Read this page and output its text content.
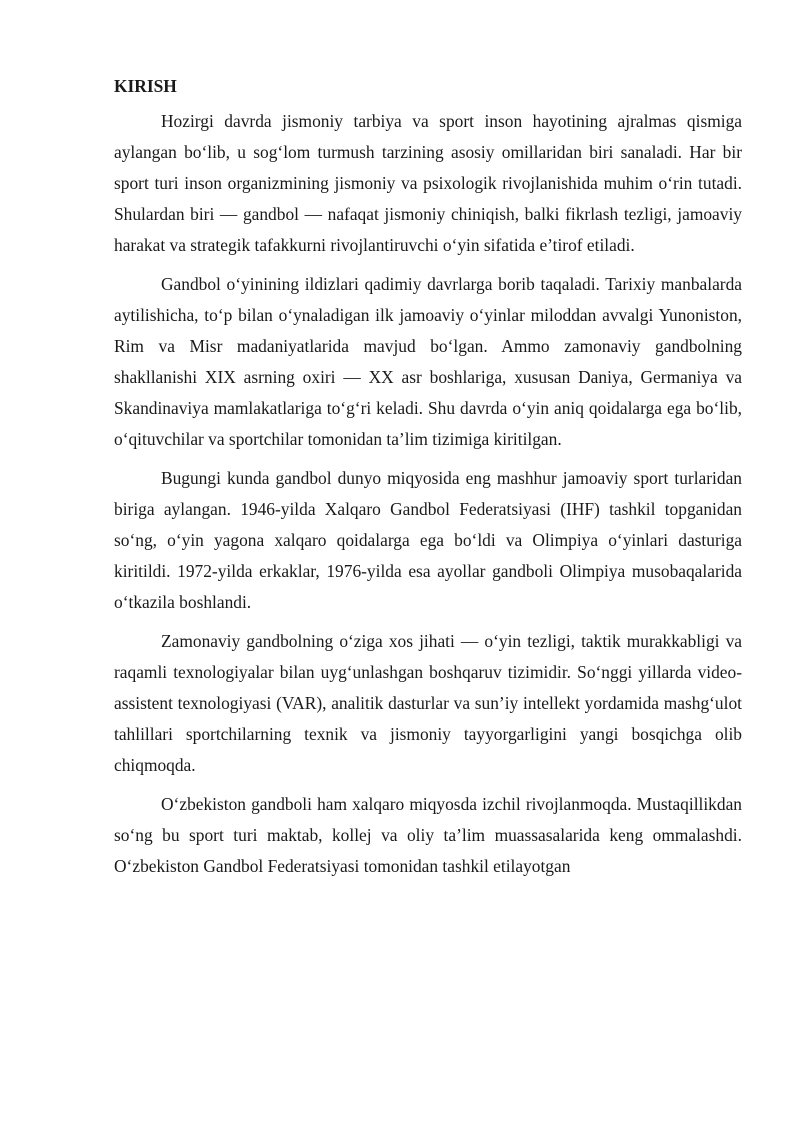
KIRISH

Hozirgi davrda jismoniy tarbiya va sport inson hayotining ajralmas qismiga aylangan bo‘lib, u sog‘lom turmush tarzining asosiy omillaridan biri sanaladi. Har bir sport turi inson organizmining jismoniy va psixologik rivojlanishida muhim o‘rin tutadi. Shulardan biri — gandbol — nafaqat jismoniy chiniqish, balki fikrlash tezligi, jamoaviy harakat va strategik tafakkurni rivojlantiruvchi o‘yin sifatida e’tirof etiladi.

Gandbol o‘yinining ildizlari qadimiy davrlarga borib taqaladi. Tarixiy manbalarda aytilishicha, to‘p bilan o‘ynaladigan ilk jamoaviy o‘yinlar miloddan avvalgi Yunoniston, Rim va Misr madaniyatlarida mavjud bo‘lgan. Ammo zamonaviy gandbolning shakllanishi XIX asrning oxiri — XX asr boshlariga, xususan Daniya, Germaniya va Skandinaviya mamlakatlariga to‘g‘ri keladi. Shu davrda o‘yin aniq qoidalarga ega bo‘lib, o‘qituvchilar va sportchilar tomonidan ta’lim tizimiga kiritilgan.

Bugungi kunda gandbol dunyo miqyosida eng mashhur jamoaviy sport turlaridan biriga aylangan. 1946-yilda Xalqaro Gandbol Federatsiyasi (IHF) tashkil topganidan so‘ng, o‘yin yagona xalqaro qoidalarga ega bo‘ldi va Olimpiya o‘yinlari dasturiga kiritildi. 1972-yilda erkaklar, 1976-yilda esa ayollar gandboli Olimpiya musobaqalarida o‘tkazila boshlandi.

Zamonaviy gandbolning o‘ziga xos jihati — o‘yin tezligi, taktik murakkabligi va raqamli texnologiyalar bilan uyg‘unlashgan boshqaruv tizimidir. So‘nggi yillarda video-assistent texnologiyasi (VAR), analitik dasturlar va sun’iy intellekt yordamida mashg‘ulot tahlillari sportchilarning texnik va jismoniy tayyorgarligini yangi bosqichga olib chiqmoqda.

O‘zbekiston gandboli ham xalqaro miqyosda izchil rivojlanmoqda. Mustaqillikdan so‘ng bu sport turi maktab, kollej va oliy ta’lim muassasalarida keng ommalashdi. O‘zbekiston Gandbol Federatsiyasi tomonidan tashkil etilayotgan
